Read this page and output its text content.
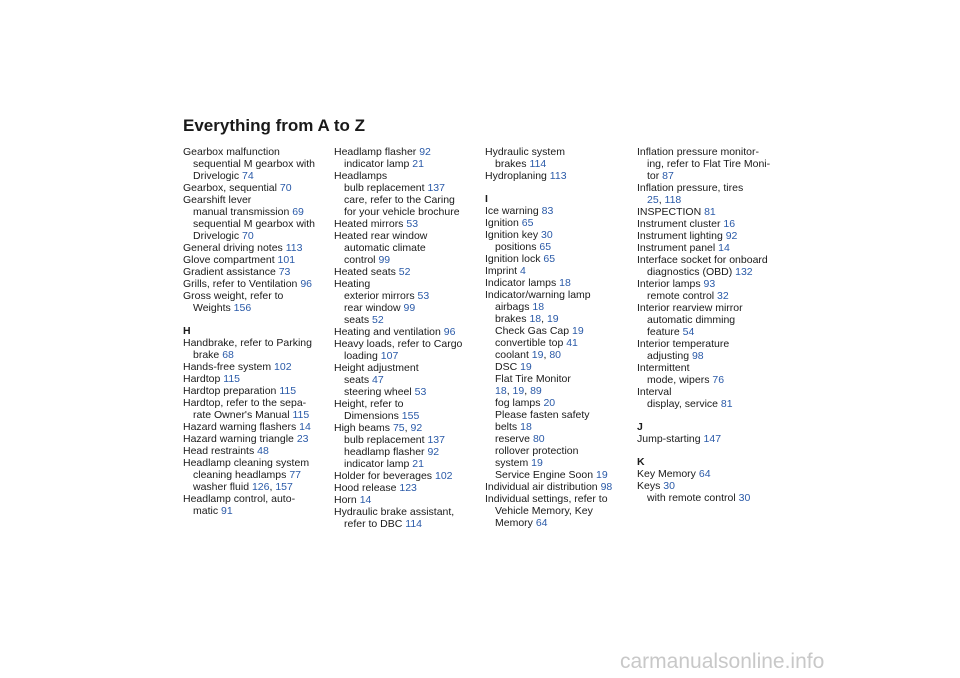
Everything from A to Z
Gearbox malfunction
sequential M gearbox with
Drivelogic 74
Gearbox, sequential 70
Gearshift lever
manual transmission 69
sequential M gearbox with
Drivelogic 70
General driving notes 113
Glove compartment 101
Gradient assistance 73
Grills, refer to Ventilation 96
Gross weight, refer to
Weights 156
H
Handbrake, refer to Parking
brake 68
Hands-free system 102
Hardtop 115
Hardtop preparation 115
Hardtop, refer to the sepa-
rate Owner's Manual 115
Hazard warning flashers 14
Hazard warning triangle 23
Head restraints 48
Headlamp cleaning system
cleaning headlamps 77
washer fluid 126, 157
Headlamp control, auto-
matic 91
Headlamp flasher 92
indicator lamp 21
Headlamps
bulb replacement 137
care, refer to the Caring
for your vehicle brochure
Heated mirrors 53
Heated rear window
automatic climate
control 99
Heated seats 52
Heating
exterior mirrors 53
rear window 99
seats 52
Heating and ventilation 96
Heavy loads, refer to Cargo
loading 107
Height adjustment
seats 47
steering wheel 53
Height, refer to
Dimensions 155
High beams 75, 92
bulb replacement 137
headlamp flasher 92
indicator lamp 21
Holder for beverages 102
Hood release 123
Horn 14
Hydraulic brake assistant,
refer to DBC 114
Hydraulic system
brakes 114
Hydroplaning 113
I
Ice warning 83
Ignition 65
Ignition key 30
positions 65
Ignition lock 65
Imprint 4
Indicator lamps 18
Indicator/warning lamp
airbags 18
brakes 18, 19
Check Gas Cap 19
convertible top 41
coolant 19, 80
DSC 19
Flat Tire Monitor
18, 19, 89
fog lamps 20
Please fasten safety
belts 18
reserve 80
rollover protection
system 19
Service Engine Soon 19
Individual air distribution 98
Individual settings, refer to
Vehicle Memory, Key
Memory 64
Inflation pressure monitor-
ing, refer to Flat Tire Moni-
tor 87
Inflation pressure, tires
25, 118
INSPECTION 81
Instrument cluster 16
Instrument lighting 92
Instrument panel 14
Interface socket for onboard
diagnostics (OBD) 132
Interior lamps 93
remote control 32
Interior rearview mirror
automatic dimming
feature 54
Interior temperature
adjusting 98
Intermittent
mode, wipers 76
Interval
display, service 81
J
Jump-starting 147
K
Key Memory 64
Keys 30
with remote control 30
carmanualsonline.info
